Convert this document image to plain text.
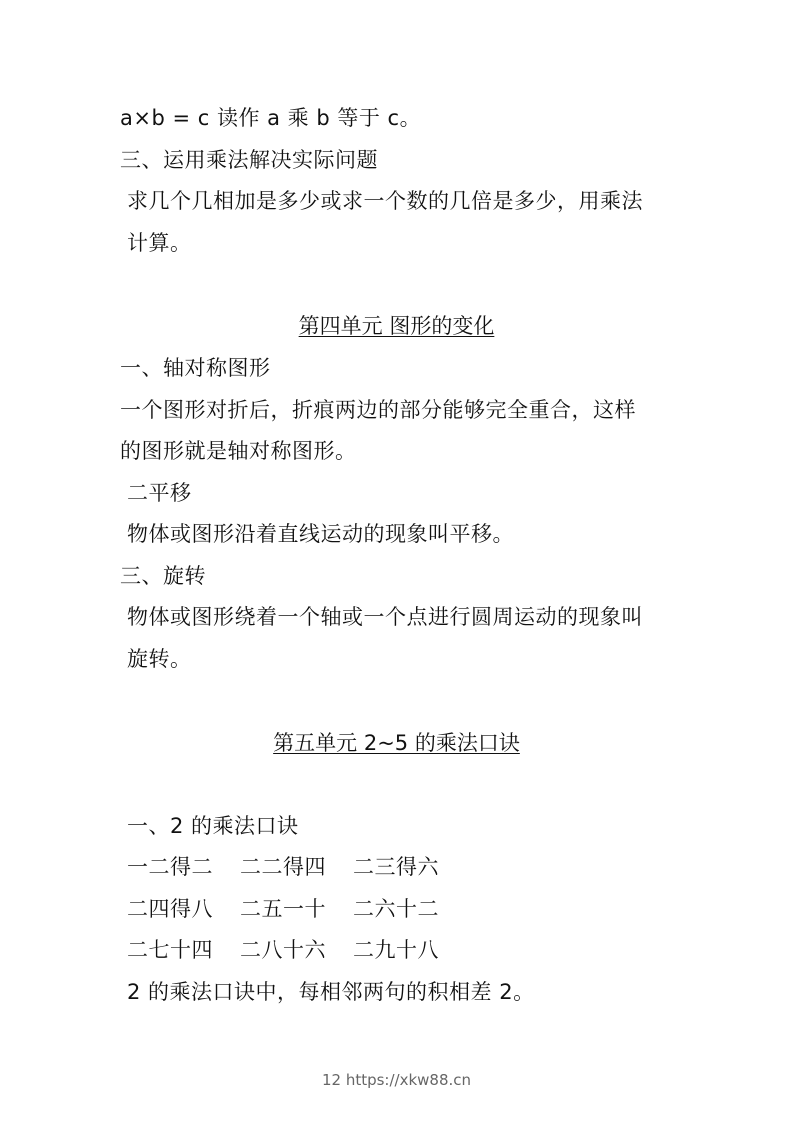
a×b = c 读作 a 乘 b 等于 c。
三、运用乘法解决实际问题
求几个几相加是多少或求一个数的几倍是多少，用乘法
计算。
第四单元 图形的变化
一、轴对称图形
一个图形对折后，折痕两边的部分能够完全重合，这样
的图形就是轴对称图形。
二平移
物体或图形沿着直线运动的现象叫平移。
三、旋转
物体或图形绕着一个轴或一个点进行圆周运动的现象叫
旋转。
第五单元 2~5 的乘法口诀
一、2 的乘法口诀
一二得二 二二得四 二三得六
二四得八 二五一十 二六十二
二七十四 二八十六 二九十八
2 的乘法口诀中，每相邻两句的积相差 2。
12 https://xkw88.cn
